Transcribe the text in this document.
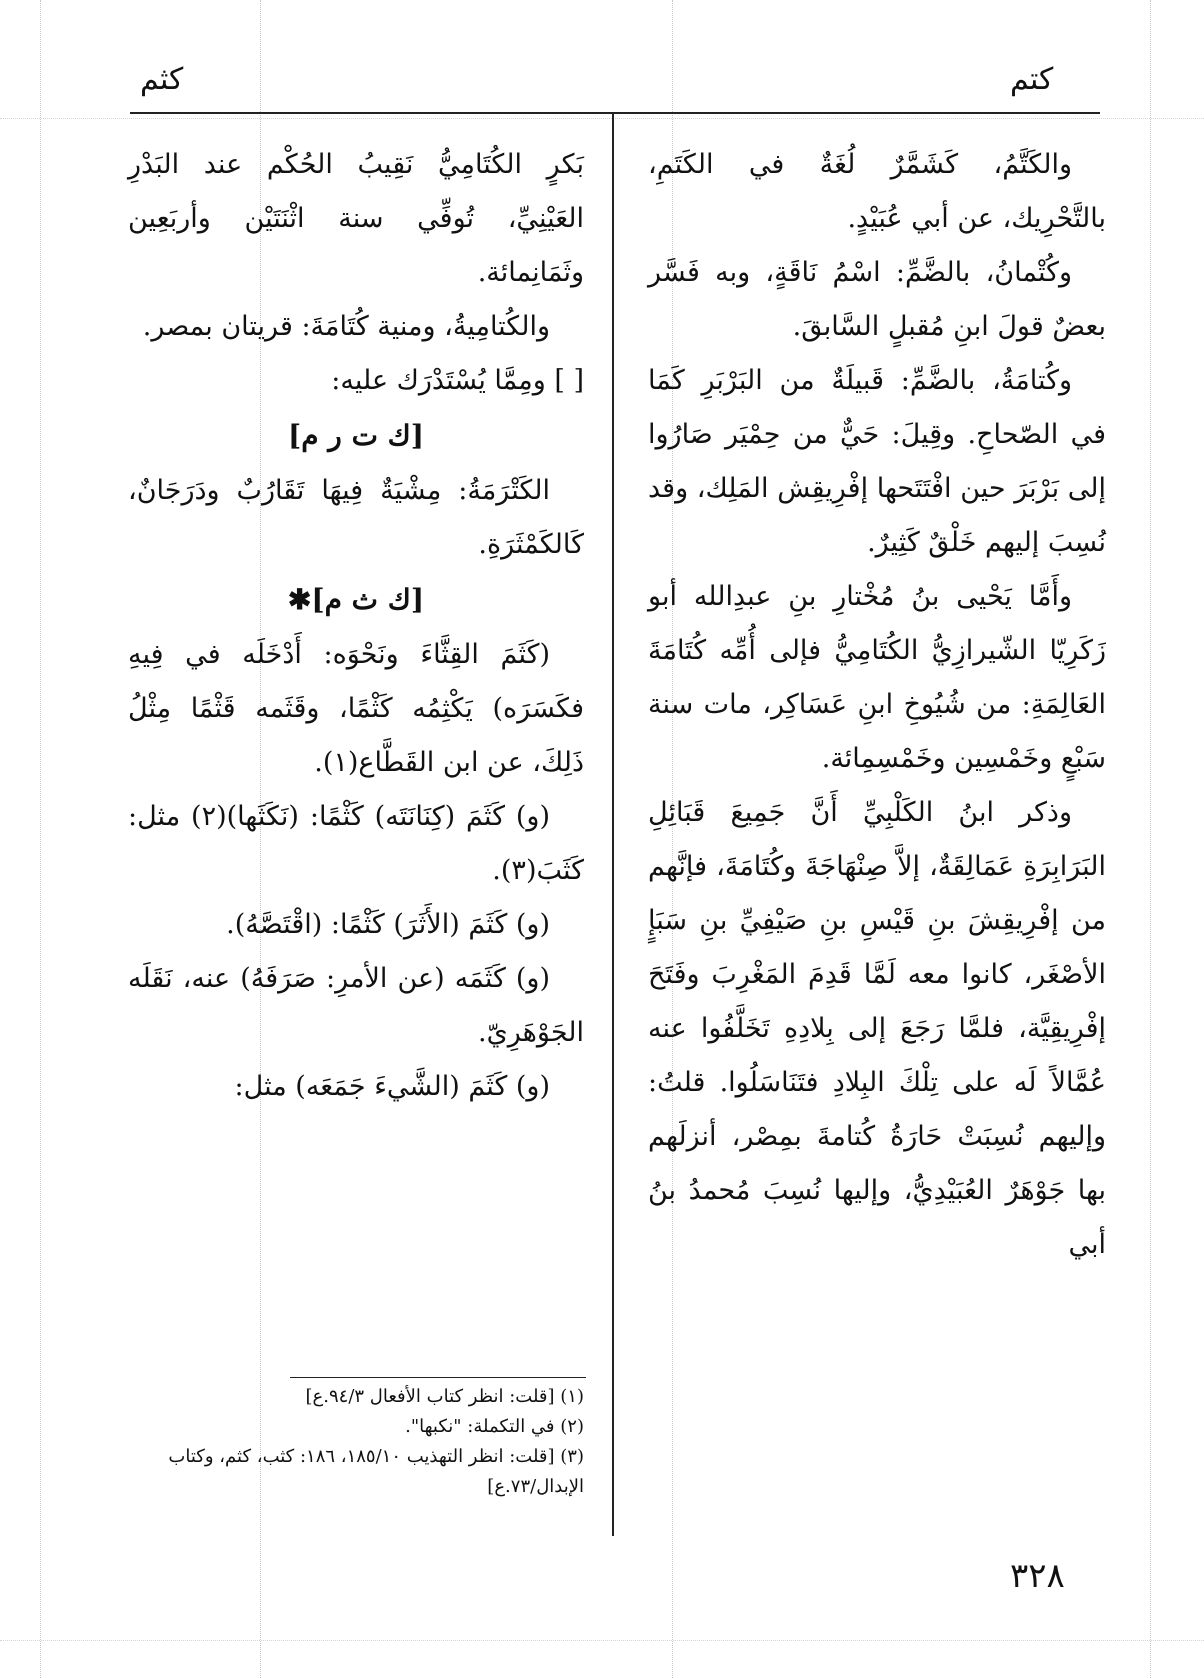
كتم
كثم

والكَتَّمُ، كَشَمَّرٌ لُغَةٌ في الكَتَمِ، بالتَّحْرِيك، عن أبي عُبَيْدٍ.

وكُتْمانُ، بالضَّمِّ: اسْمُ نَاقَةٍ، وبه فَسَّر بعضٌ قولَ ابنِ مُقبلٍ السَّابقَ.

وكُتامَةُ، بالضَّمِّ: قَبيلَةٌ من البَرْبَرِ كَمَا في الصّحاحِ. وقِيلَ: حَيٌّ من حِمْيَر صَارُوا إلى بَرْبَرَ حين افْتَتَحها إفْرِيقِش المَلِك، وقد نُسِبَ إليهم خَلْقٌ كَثِيرٌ.

وأَمَّا يَحْيى بنُ مُخْتارِ بنِ عبدِالله أبو زَكَرِيّا الشّيرازِيُّ الكُتَامِيُّ فإلى أُمِّه كُتَامَةَ العَالِمَةِ: من شُيُوخِ ابنِ عَسَاكِر، مات سنة سَبْعٍ وخَمْسِين وخَمْسِمِائة.

وذكر ابنُ الكَلْبِيِّ أَنَّ جَمِيعَ قَبَائِلِ البَرَابِرَةِ عَمَالِقَةٌ، إلاَّ صِنْهَاجَةَ وكُتَامَةَ، فإنَّهم من إفْرِيقِشَ بنِ قَيْسِ بنِ صَيْفِيِّ بنِ سَبَإٍ الأصْغَر، كانوا معه لَمَّا قَدِمَ المَغْرِبَ وفَتَحَ إفْرِيقِيَّة، فلمَّا رَجَعَ إلى بِلادِهِ تَخَلَّفُوا عنه عُمَّالاً لَه على تِلْكَ البِلادِ فتَنَاسَلُوا. قلتُ: وإليهم نُسِبَتْ حَارَةُ كُتامةَ بمِصْر، أنزلَهم بها جَوْهَرٌ العُبَيْدِيُّ، وإليها نُسِبَ مُحمدُ بنُ أبي

بَكرٍ الكُتَامِيُّ نَقِيبُ الحُكْم عند البَدْرِ العَيْنِيِّ، تُوفِّي سنة اثْنَتَيْن وأربَعِين وثَمَانِمائة.

والكُتامِيةُ، ومنية كُتَامَةَ: قريتان بمصر.

[ ] ومِمَّا يُسْتَدْرَك عليه:

[ك ت ر م]

الكَتْرَمَةُ: مِشْيَةٌ فِيهَا تَقَارُبٌ ودَرَجَانٌ، كَالكَمْثَرَةِ.

[ك ث م]✱

(كَثَمَ القِثَّاءَ ونَحْوَه: أَدْخَلَه في فِيهِ فكَسَرَه) يَكْثِمُه كَثْمًا، وقَثَمه قَثْمًا مِثْلُ ذَلِكَ، عن ابن القَطَّاع(١).

(و) كَثَمَ (كِنَانَتَه) كَثْمًا: (نَكَثَها)(٢) مثل: كَثَبَ(٣).

(و) كَثَمَ (الأَثَرَ) كَثْمًا: (اقْتَصَّهُ).

(و) كَثَمَه (عن الأمرِ: صَرَفَهُ) عنه، نَقَلَه الجَوْهَرِيّ.

(و) كَثَمَ (الشَّيءَ جَمَعَه) مثل:

(١) [قلت: انظر كتاب الأفعال ٩٤/٣.ع]

(٢) في التكملة: "نكبها".

(٣) [قلت: انظر التهذيب ١٨٥/١٠، ١٨٦: كثب، كثم، وكتاب الإبدال/٧٣.ع]

٣٢٨
